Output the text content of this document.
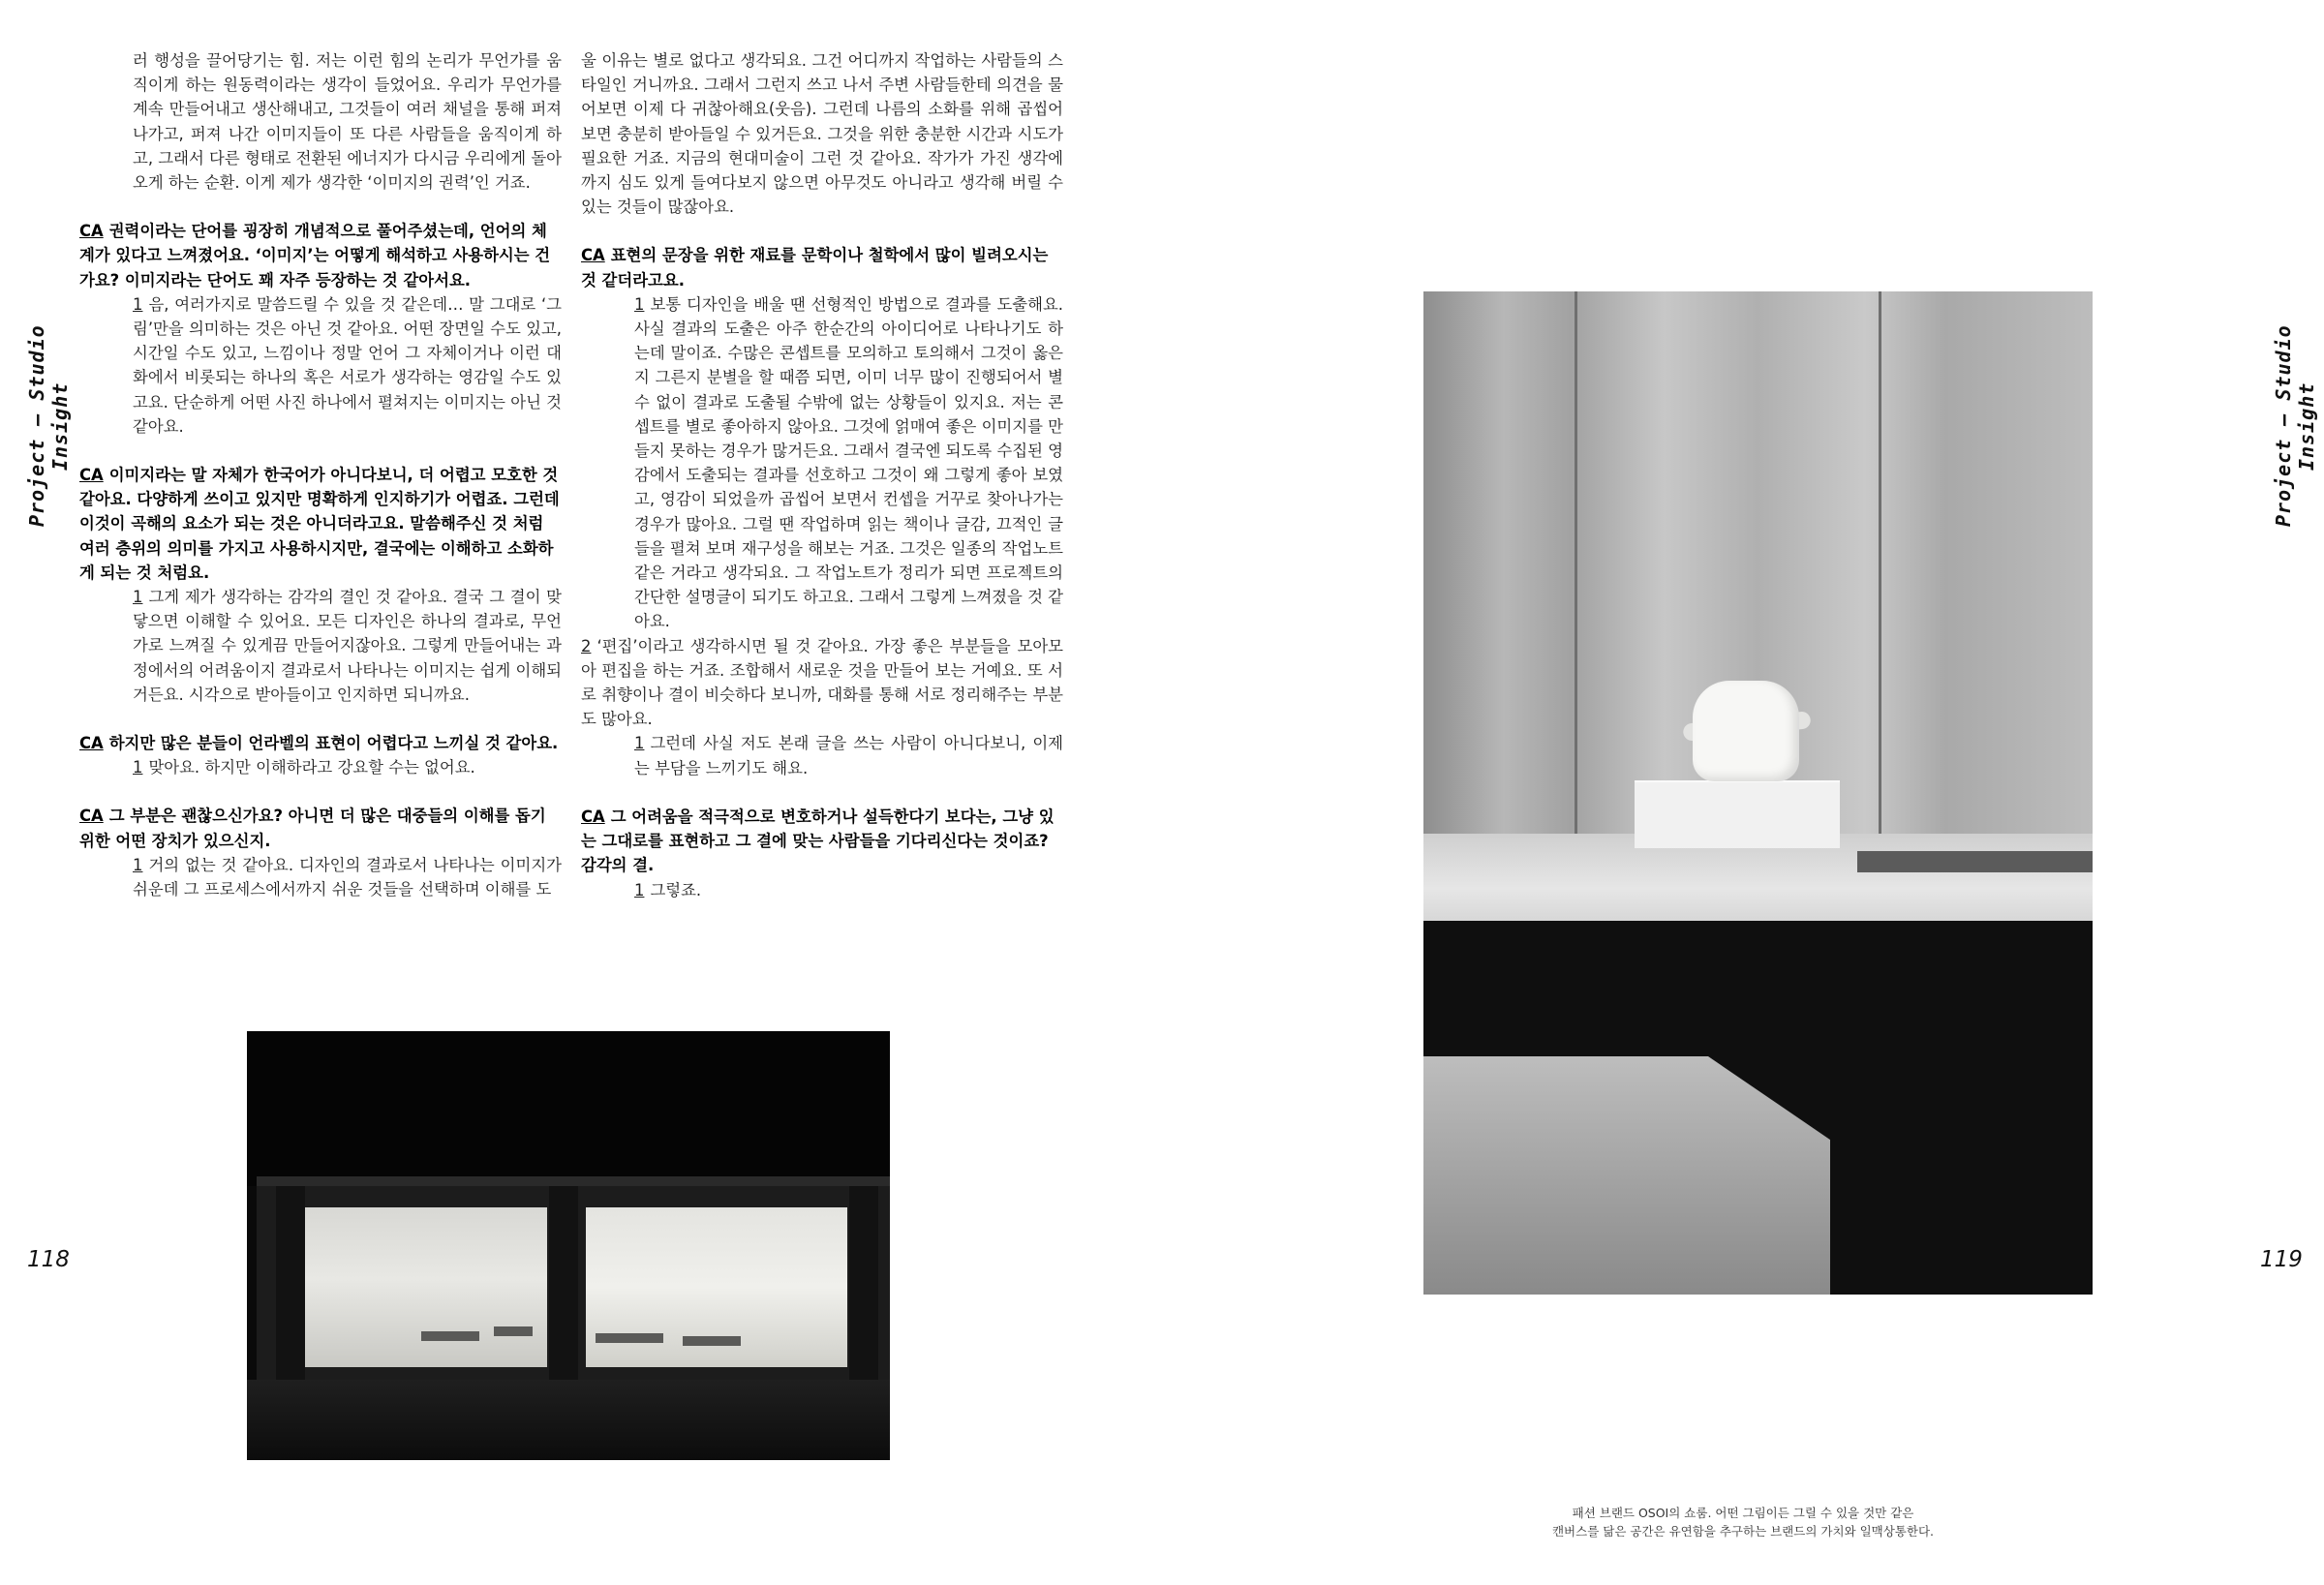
Project – Studio Insight
118
러 행성을 끌어당기는 힘. 저는 이런 힘의 논리가 무언가를 움직이게 하는 원동력이라는 생각이 들었어요. 우리가 무언가를 계속 만들어내고 생산해내고, 그것들이 여러 채널을 통해 퍼져나가고, 퍼져 나간 이미지들이 또 다른 사람들을 움직이게 하고, 그래서 다른 형태로 전환된 에너지가 다시금 우리에게 돌아오게 하는 순환. 이게 제가 생각한 ‘이미지의 권력’인 거죠.
CA 권력이라는 단어를 굉장히 개념적으로 풀어주셨는데, 언어의 체계가 있다고 느껴졌어요. ‘이미지’는 어떻게 해석하고 사용하시는 건가요? 이미지라는 단어도 꽤 자주 등장하는 것 같아서요.
1 음, 여러가지로 말씀드릴 수 있을 것 같은데… 말 그대로 ‘그림’만을 의미하는 것은 아닌 것 같아요. 어떤 장면일 수도 있고, 시간일 수도 있고, 느낌이나 정말 언어 그 자체이거나 이런 대화에서 비롯되는 하나의 혹은 서로가 생각하는 영감일 수도 있고요. 단순하게 어떤 사진 하나에서 펼쳐지는 이미지는 아닌 것 같아요.
CA 이미지라는 말 자체가 한국어가 아니다보니, 더 어렵고 모호한 것 같아요. 다양하게 쓰이고 있지만 명확하게 인지하기가 어렵죠. 그런데 이것이 곡해의 요소가 되는 것은 아니더라고요. 말씀해주신 것 처럼 여러 층위의 의미를 가지고 사용하시지만, 결국에는 이해하고 소화하게 되는 것 처럼요.
1 그게 제가 생각하는 감각의 결인 것 같아요. 결국 그 결이 맞닿으면 이해할 수 있어요. 모든 디자인은 하나의 결과로, 무언가로 느껴질 수 있게끔 만들어지잖아요. 그렇게 만들어내는 과정에서의 어려움이지 결과로서 나타나는 이미지는 쉽게 이해되거든요. 시각으로 받아들이고 인지하면 되니까요.
CA 하지만 많은 분들이 언라벨의 표현이 어렵다고 느끼실 것 같아요.
1 맞아요. 하지만 이해하라고 강요할 수는 없어요.
CA 그 부분은 괜찮으신가요? 아니면 더 많은 대중들의 이해를 돕기 위한 어떤 장치가 있으신지.
1 거의 없는 것 같아요. 디자인의 결과로서 나타나는 이미지가 쉬운데 그 프로세스에서까지 쉬운 것들을 선택하며 이해를 도
울 이유는 별로 없다고 생각되요. 그건 어디까지 작업하는 사람들의 스타일인 거니까요. 그래서 그런지 쓰고 나서 주변 사람들한테 의견을 물어보면 이제 다 귀찮아해요(웃음). 그런데 나름의 소화를 위해 곱씹어 보면 충분히 받아들일 수 있거든요. 그것을 위한 충분한 시간과 시도가 필요한 거죠. 지금의 현대미술이 그런 것 같아요. 작가가 가진 생각에까지 심도 있게 들여다보지 않으면 아무것도 아니라고 생각해 버릴 수 있는 것들이 많잖아요.
CA 표현의 문장을 위한 재료를 문학이나 철학에서 많이 빌려오시는 것 같더라고요.
1 보통 디자인을 배울 땐 선형적인 방법으로 결과를 도출해요. 사실 결과의 도출은 아주 한순간의 아이디어로 나타나기도 하는데 말이죠. 수많은 콘셉트를 모의하고 토의해서 그것이 옳은지 그른지 분별을 할 때쯤 되면, 이미 너무 많이 진행되어서 별수 없이 결과로 도출될 수밖에 없는 상황들이 있지요. 저는 콘셉트를 별로 좋아하지 않아요. 그것에 얽매여 좋은 이미지를 만들지 못하는 경우가 많거든요. 그래서 결국엔 되도록 수집된 영감에서 도출되는 결과를 선호하고 그것이 왜 그렇게 좋아 보였고, 영감이 되었을까 곱씹어 보면서 컨셉을 거꾸로 찾아나가는 경우가 많아요. 그럴 땐 작업하며 읽는 책이나 글감, 끄적인 글들을 펼쳐 보며 재구성을 해보는 거죠. 그것은 일종의 작업노트 같은 거라고 생각되요. 그 작업노트가 정리가 되면 프로젝트의 간단한 설명글이 되기도 하고요. 그래서 그렇게 느껴졌을 것 같아요.
2 ‘편집’이라고 생각하시면 될 것 같아요. 가장 좋은 부분들을 모아모아 편집을 하는 거죠. 조합해서 새로운 것을 만들어 보는 거예요. 또 서로 취향이나 결이 비슷하다 보니까, 대화를 통해 서로 정리해주는 부분도 많아요.
1 그런데 사실 저도 본래 글을 쓰는 사람이 아니다보니, 이제는 부담을 느끼기도 해요.
CA 그 어려움을 적극적으로 변호하거나 설득한다기 보다는, 그냥 있는 그대로를 표현하고 그 결에 맞는 사람들을 기다리신다는 것이죠? 감각의 결.
1 그렇죠.
패션 브랜드 OSOI의 쇼룸. 어떤 그림이든 그릴 수 있을 것만 같은
캔버스를 닮은 공간은 유연함을 추구하는 브랜드의 가치와 일맥상통한다.
Project – Studio Insight
119
